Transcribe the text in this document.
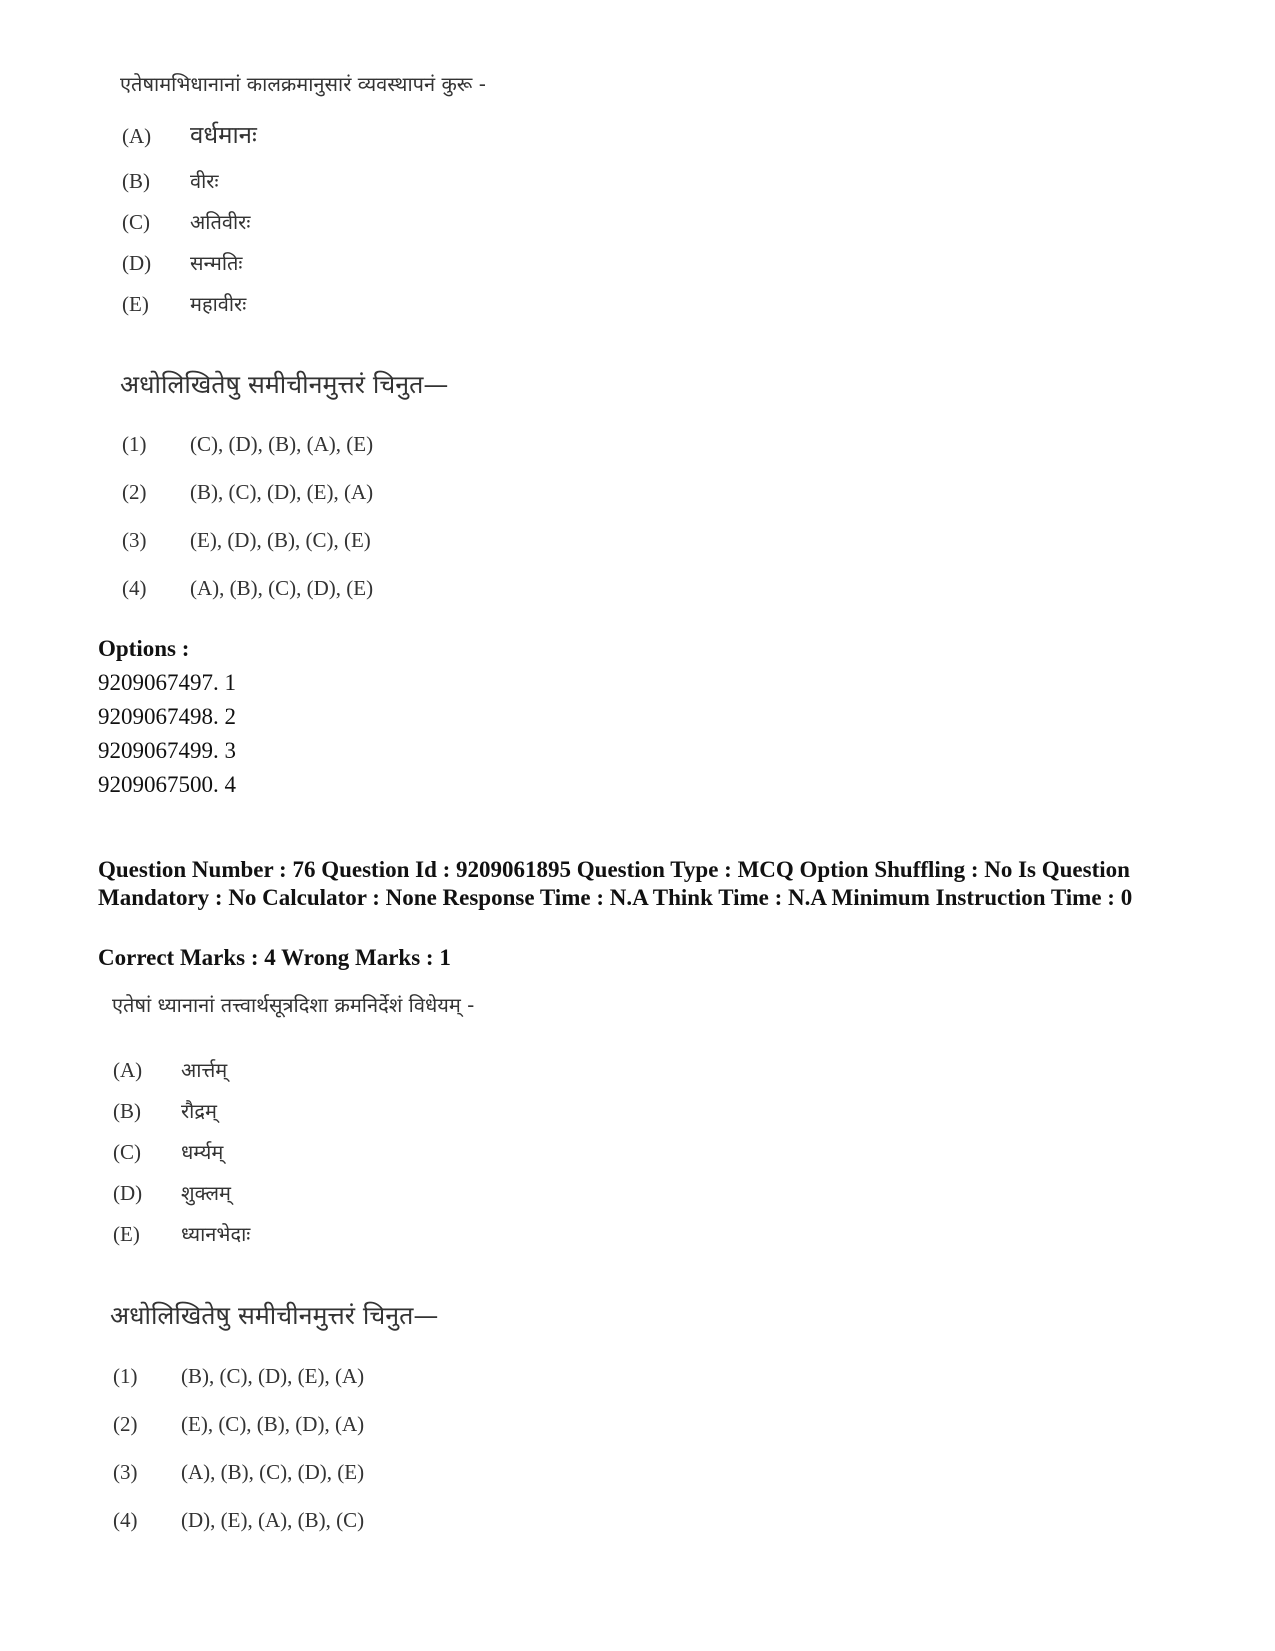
एतेषामभिधानानां कालक्रमानुसारं व्यवस्थापनं कुरू -
(A)	वर्धमानः
(B)	वीरः
(C)	अतिवीरः
(D)	सन्मतिः
(E)	महावीरः
अधोलिखितेषु समीचीनमुत्तरं चिनुत—
(1)	(C), (D), (B), (A), (E)
(2)	(B), (C), (D), (E), (A)
(3)	(E), (D), (B), (C), (E)
(4)	(A), (B), (C), (D), (E)
Options :
9209067497. 1
9209067498. 2
9209067499. 3
9209067500. 4
Question Number : 76 Question Id : 9209061895 Question Type : MCQ Option Shuffling : No Is Question Mandatory : No Calculator : None Response Time : N.A Think Time : N.A Minimum Instruction Time : 0
Correct Marks : 4 Wrong Marks : 1
एतेषां ध्यानानां तत्त्वार्थसूत्रदिशा क्रमनिर्देशं विधेयम् -
(A)	आर्त्तम्
(B)	रौद्रम्
(C)	धर्म्यम्
(D)	शुक्लम्
(E)	ध्यानभेदाः
अधोलिखितेषु समीचीनमुत्तरं चिनुत—
(1)	(B), (C), (D), (E), (A)
(2)	(E), (C), (B), (D), (A)
(3)	(A), (B), (C), (D), (E)
(4)	(D), (E), (A), (B), (C)
